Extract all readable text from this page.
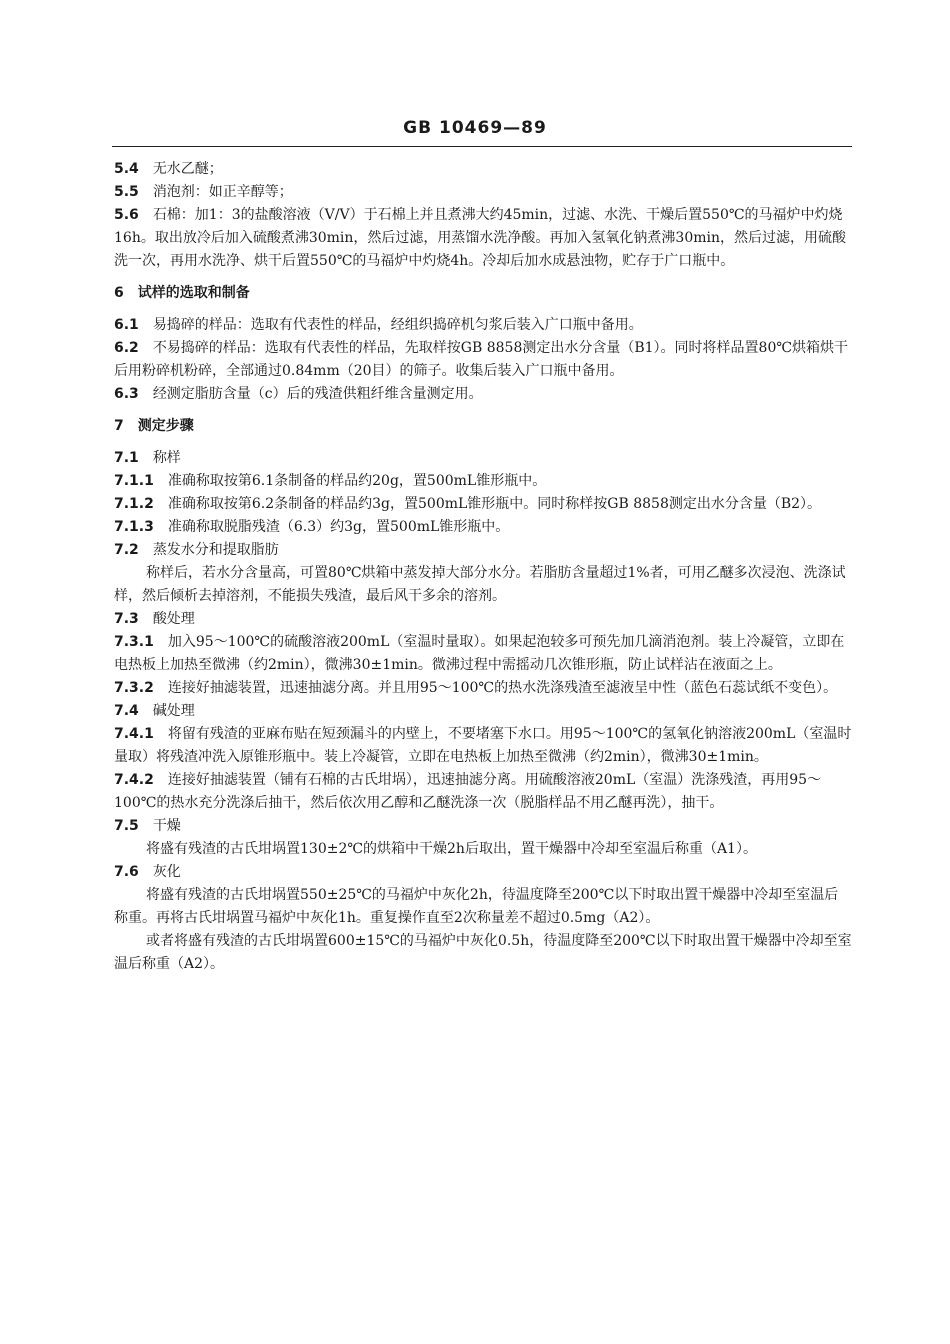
GB 10469—89

5.4 无水乙醚；

5.5 消泡剂：如正辛醇等；

5.6 石棉：加1：3的盐酸溶液（V/V）于石棉上并且煮沸大约45min，过滤、水洗、干燥后置550℃的马福炉中灼烧16h。取出放冷后加入硫酸煮沸30min，然后过滤，用蒸馏水洗净酸。再加入氢氧化钠煮沸30min，然后过滤，用硫酸洗一次，再用水洗净、烘干后置550℃的马福炉中灼烧4h。冷却后加水成悬浊物，贮存于广口瓶中。

6 试样的选取和制备

6.1 易捣碎的样品：选取有代表性的样品，经组织捣碎机匀浆后装入广口瓶中备用。

6.2 不易捣碎的样品：选取有代表性的样品，先取样按GB 8858测定出水分含量（B1）。同时将样品置80℃烘箱烘干后用粉碎机粉碎，全部通过0.84mm（20目）的筛子。收集后装入广口瓶中备用。

6.3 经测定脂肪含量（c）后的残渣供粗纤维含量测定用。

7 测定步骤

7.1 称样

7.1.1 准确称取按第6.1条制备的样品约20g，置500mL锥形瓶中。

7.1.2 准确称取按第6.2条制备的样品约3g，置500mL锥形瓶中。同时称样按GB 8858测定出水分含量（B2）。

7.1.3 准确称取脱脂残渣（6.3）约3g，置500mL锥形瓶中。

7.2 蒸发水分和提取脂肪

称样后，若水分含量高，可置80℃烘箱中蒸发掉大部分水分。若脂肪含量超过1%者，可用乙醚多次浸泡、洗涤试样，然后倾析去掉溶剂，不能损失残渣，最后风干多余的溶剂。

7.3 酸处理

7.3.1 加入95～100℃的硫酸溶液200mL（室温时量取）。如果起泡较多可预先加几滴消泡剂。装上冷凝管，立即在电热板上加热至微沸（约2min），微沸30±1min。微沸过程中需摇动几次锥形瓶，防止试样沾在液面之上。

7.3.2 连接好抽滤装置，迅速抽滤分离。并且用95～100℃的热水洗涤残渣至滤液呈中性（蓝色石蕊试纸不变色）。

7.4 碱处理

7.4.1 将留有残渣的亚麻布贴在短颈漏斗的内壁上，不要堵塞下水口。用95～100℃的氢氧化钠溶液200mL（室温时量取）将残渣冲洗入原锥形瓶中。装上冷凝管，立即在电热板上加热至微沸（约2min），微沸30±1min。

7.4.2 连接好抽滤装置（铺有石棉的古氏坩埚），迅速抽滤分离。用硫酸溶液20mL（室温）洗涤残渣，再用95～100℃的热水充分洗涤后抽干，然后依次用乙醇和乙醚洗涤一次（脱脂样品不用乙醚再洗），抽干。

7.5 干燥

将盛有残渣的古氏坩埚置130±2℃的烘箱中干燥2h后取出，置干燥器中冷却至室温后称重（A1）。

7.6 灰化

将盛有残渣的古氏坩埚置550±25℃的马福炉中灰化2h，待温度降至200℃以下时取出置干燥器中冷却至室温后称重。再将古氏坩埚置马福炉中灰化1h。重复操作直至2次称量差不超过0.5mg（A2）。

或者将盛有残渣的古氏坩埚置600±15℃的马福炉中灰化0.5h，待温度降至200℃以下时取出置干燥器中冷却至室温后称重（A2）。
